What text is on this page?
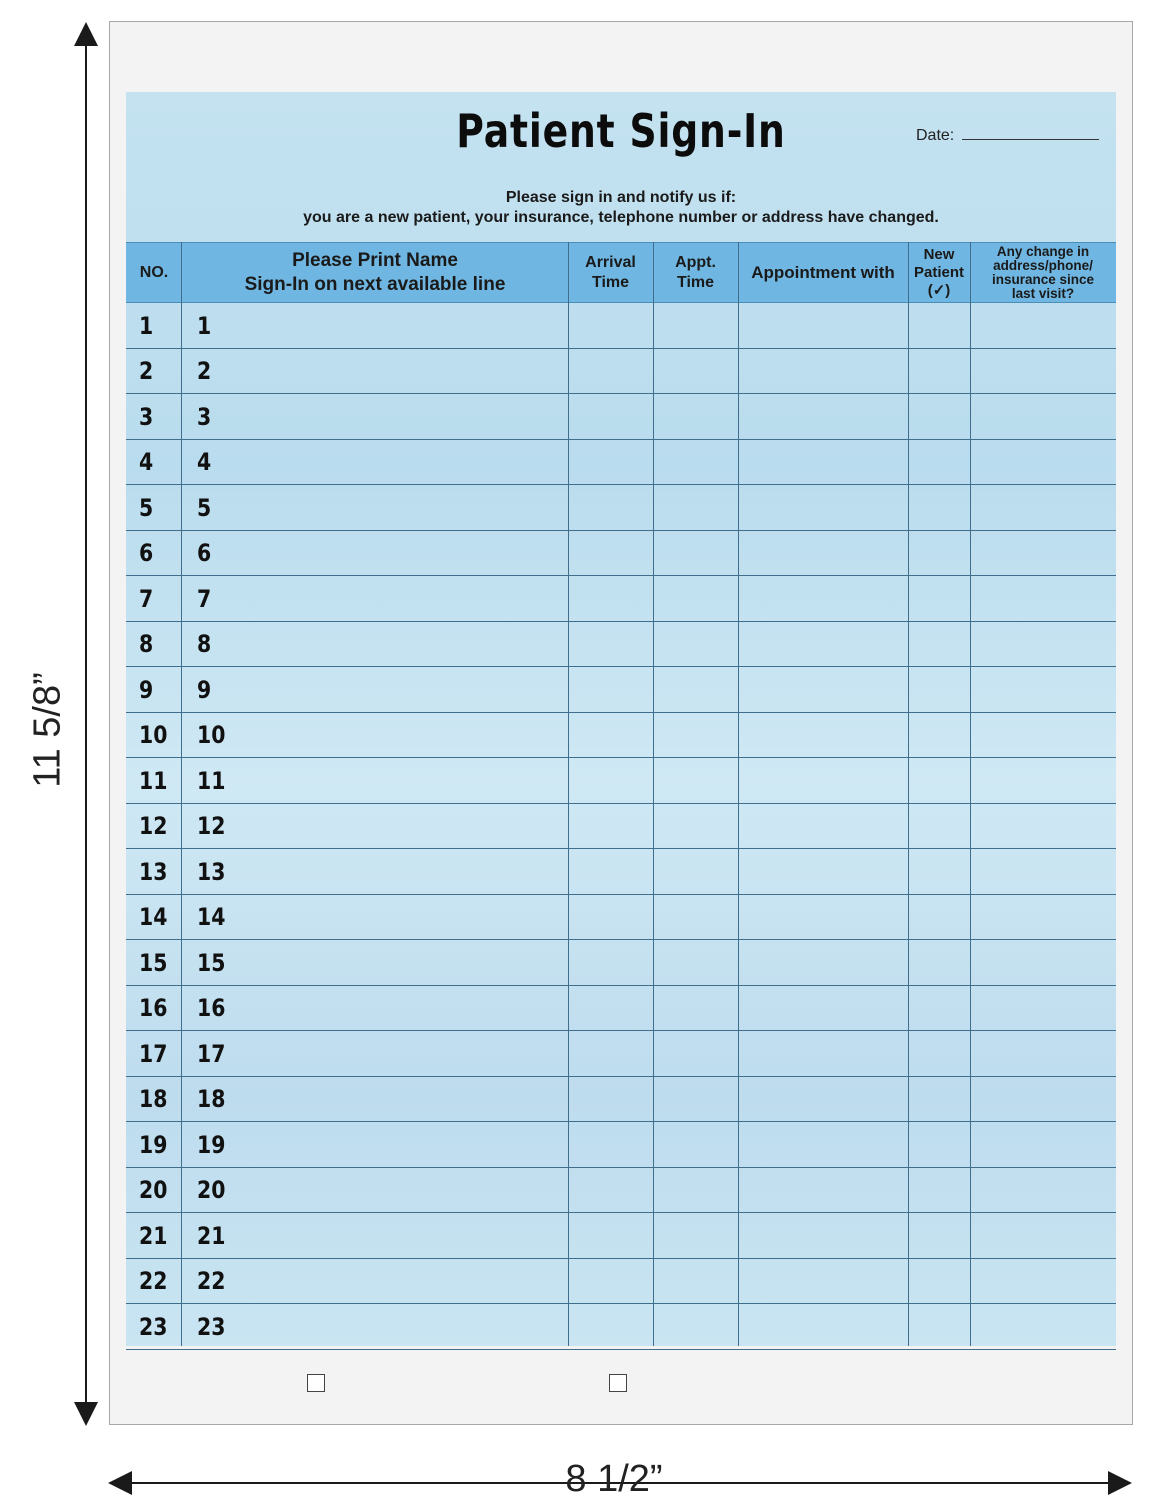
11 5/8”
8 1/2”
Patient Sign-In	Date:
Please sign in and notify us if:
you are a new patient, your insurance, telephone number or address have changed.
NO.
Please Print Name
Sign-In on next available line
Arrival
Time
Appt.
Time
Appointment with
New
Patient
(✓)
Any change in
address/phone/
insurance since
last visit?
1 1
2 2
3 3
4 4
5 5
6 6
7 7
8 8
9 9
10 10
11 11
12 12
13 13
14 14
15 15
16 16
17 17
18 18
19 19
20 20
21 21
22 22
23 23
